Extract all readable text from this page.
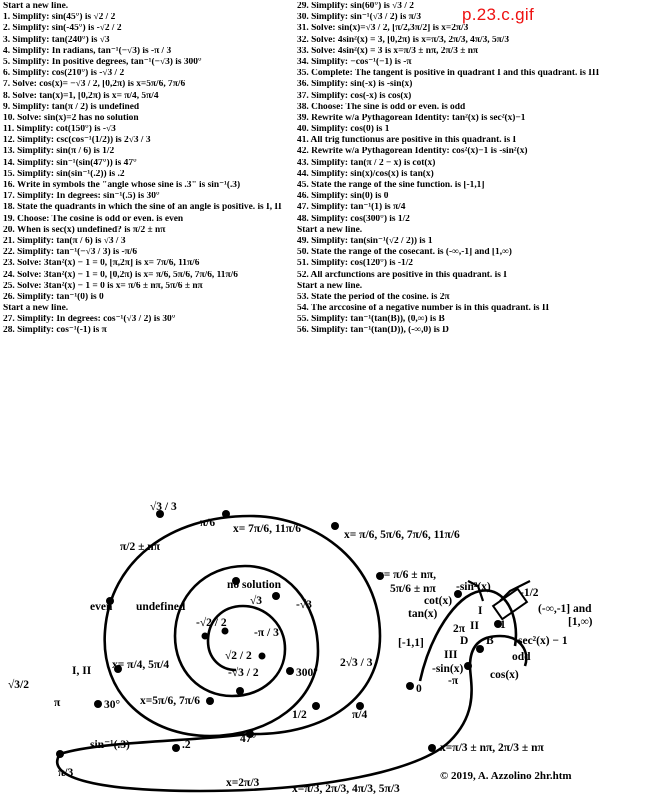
p.23.c.gif
Start a new line.
1. Simplify: sin(45°) is √2 / 2
2. Simplify: sin(-45°) is -√2 / 2
3. Simplify: tan(240°) is √3
4. Simplify: In radians, tan⁻¹(−√3) is -π / 3
5. Simplify: In positive degrees, tan⁻¹(−√3) is 300°
6. Simplify: cos(210°) is -√3 / 2
7. Solve: cos(x)= −√3 / 2, [0,2π) is x=5π/6, 7π/6
8. Solve: tan(x)=1, [0,2π) is x= π/4, 5π/4
9. Simplify: tan(π / 2) is undefined
10. Solve: sin(x)=2 has no solution
11. Simplify: cot(150°) is -√3
12. Simplify: csc(cos⁻¹(1/2)) is 2√3 / 3
13. Simplify: sin(π / 6) is 1/2
14. Simplify: sin⁻¹(sin(47°)) is 47°
15. Simplify: sin(sin⁻¹(.2)) is .2
16. Write in symbols the "angle whose sine is .3" is sin⁻¹(.3)
17. Simplify: In degrees: sin⁻¹(.5) is 30°
18. State the quadrants in which the sine of an angle is positive. is I, II
19. Choose: The cosine is odd or even. is even
20. When is sec(x) undefined? is π/2 ± nπ
21. Simplify: tan(π / 6) is √3 / 3
22. Simplify: tan⁻¹(−√3 / 3) is -π/6
23. Solve: 3tan²(x) − 1 = 0, [π,2π] is x= 7π/6, 11π/6
24. Solve: 3tan²(x) − 1 = 0, [0,2π) is x= π/6, 5π/6, 7π/6, 11π/6
25. Solve: 3tan²(x) − 1 = 0 is x= π/6 ± nπ, 5π/6 ± nπ
26. Simplify: tan⁻¹(0) is 0
Start a new line.
27. Simplify: In degrees: cos⁻¹(√3 / 2) is 30°
28. Simplify: cos⁻¹(-1) is π
29. Simplify: sin(60°) is √3 / 2
30. Simplify: sin⁻¹(√3 / 2) is π/3
31. Solve: sin(x)=√3 / 2, [π/2,3π/2] is x=2π/3
32. Solve: 4sin²(x) = 3, [0,2π) is x=π/3, 2π/3, 4π/3, 5π/3
33. Solve: 4sin²(x) = 3 is x=π/3 ± nπ, 2π/3 ± nπ
34. Simplify: −cos⁻¹(−1) is -π
35. Complete: The tangent is positive in quadrant I and this quadrant. is III
36. Simplify: sin(-x) is -sin(x)
37. Simplify: cos(-x) is cos(x)
38. Choose: The sine is odd or even. is odd
39. Rewrite w/a Pythagorean Identity: tan²(x) is sec²(x)−1
40. Simplify: cos(0) is 1
41. All trig functionus are positive in this quadrant. is I
42. Rewrite w/a Pythagorean Identity: cos²(x)−1 is -sin²(x)
43. Simplify: tan(π / 2 − x) is cot(x)
44. Simplify: sin(x)/cos(x) is tan(x)
45. State the range of the sine function. is [-1,1]
46. Simplify: sin(0) is 0
47. Simplify: tan⁻¹(1) is π/4
48. Simplify: cos(300°) is 1/2
Start a new line.
49. Simplify: tan(sin⁻¹(√2 / 2)) is 1
50. State the range of the cosecant. is (-∞,-1] and [1,∞)
51. Simplify: cos(120°) is -1/2
52. All arcfunctions are positive in this quadrant. is I
Start a new line.
53. State the period of the cosine. is 2π
54. The arccosine of a negative number is in this quadrant. is II
55. Simplify: tan⁻¹(tan(B)), (0,∞) is B
56. Simplify: tan⁻¹(tan(D)), (-∞,0) is D
no solution
√3	-√3
-√2 / 2
-π / 3
√2 / 2
-√3 / 2	300°
2√3 / 3
undefined
x= π/4, 5π/4
x=5π/6, 7π/6
√3 / 3
-π/6 x= 7π/6, 11π/6	x= π/6, 5π/6, 7π/6, 11π/6
π/2 ± nπ
even
I, II
√3/2
π	30°
sin⁻¹(.3)	.2	47°
1/2	π/4
0
x= π/6 ± nπ,
5π/6 ± nπ -sin²(x)
cot(x)
tan(x)
-1/2
(-∞,-1] and
[1,∞)
I
II
2π
D B sec²(x) − 1
III
-sin(x)
-π
odd
cos(x)
1
[-1,1]
π/3
x=2π/3
x=π/3 ± nπ, 2π/3 ± nπ
x=π/3, 2π/3, 4π/3, 5π/3
© 2019, A. Azzolino 2hr.htm
